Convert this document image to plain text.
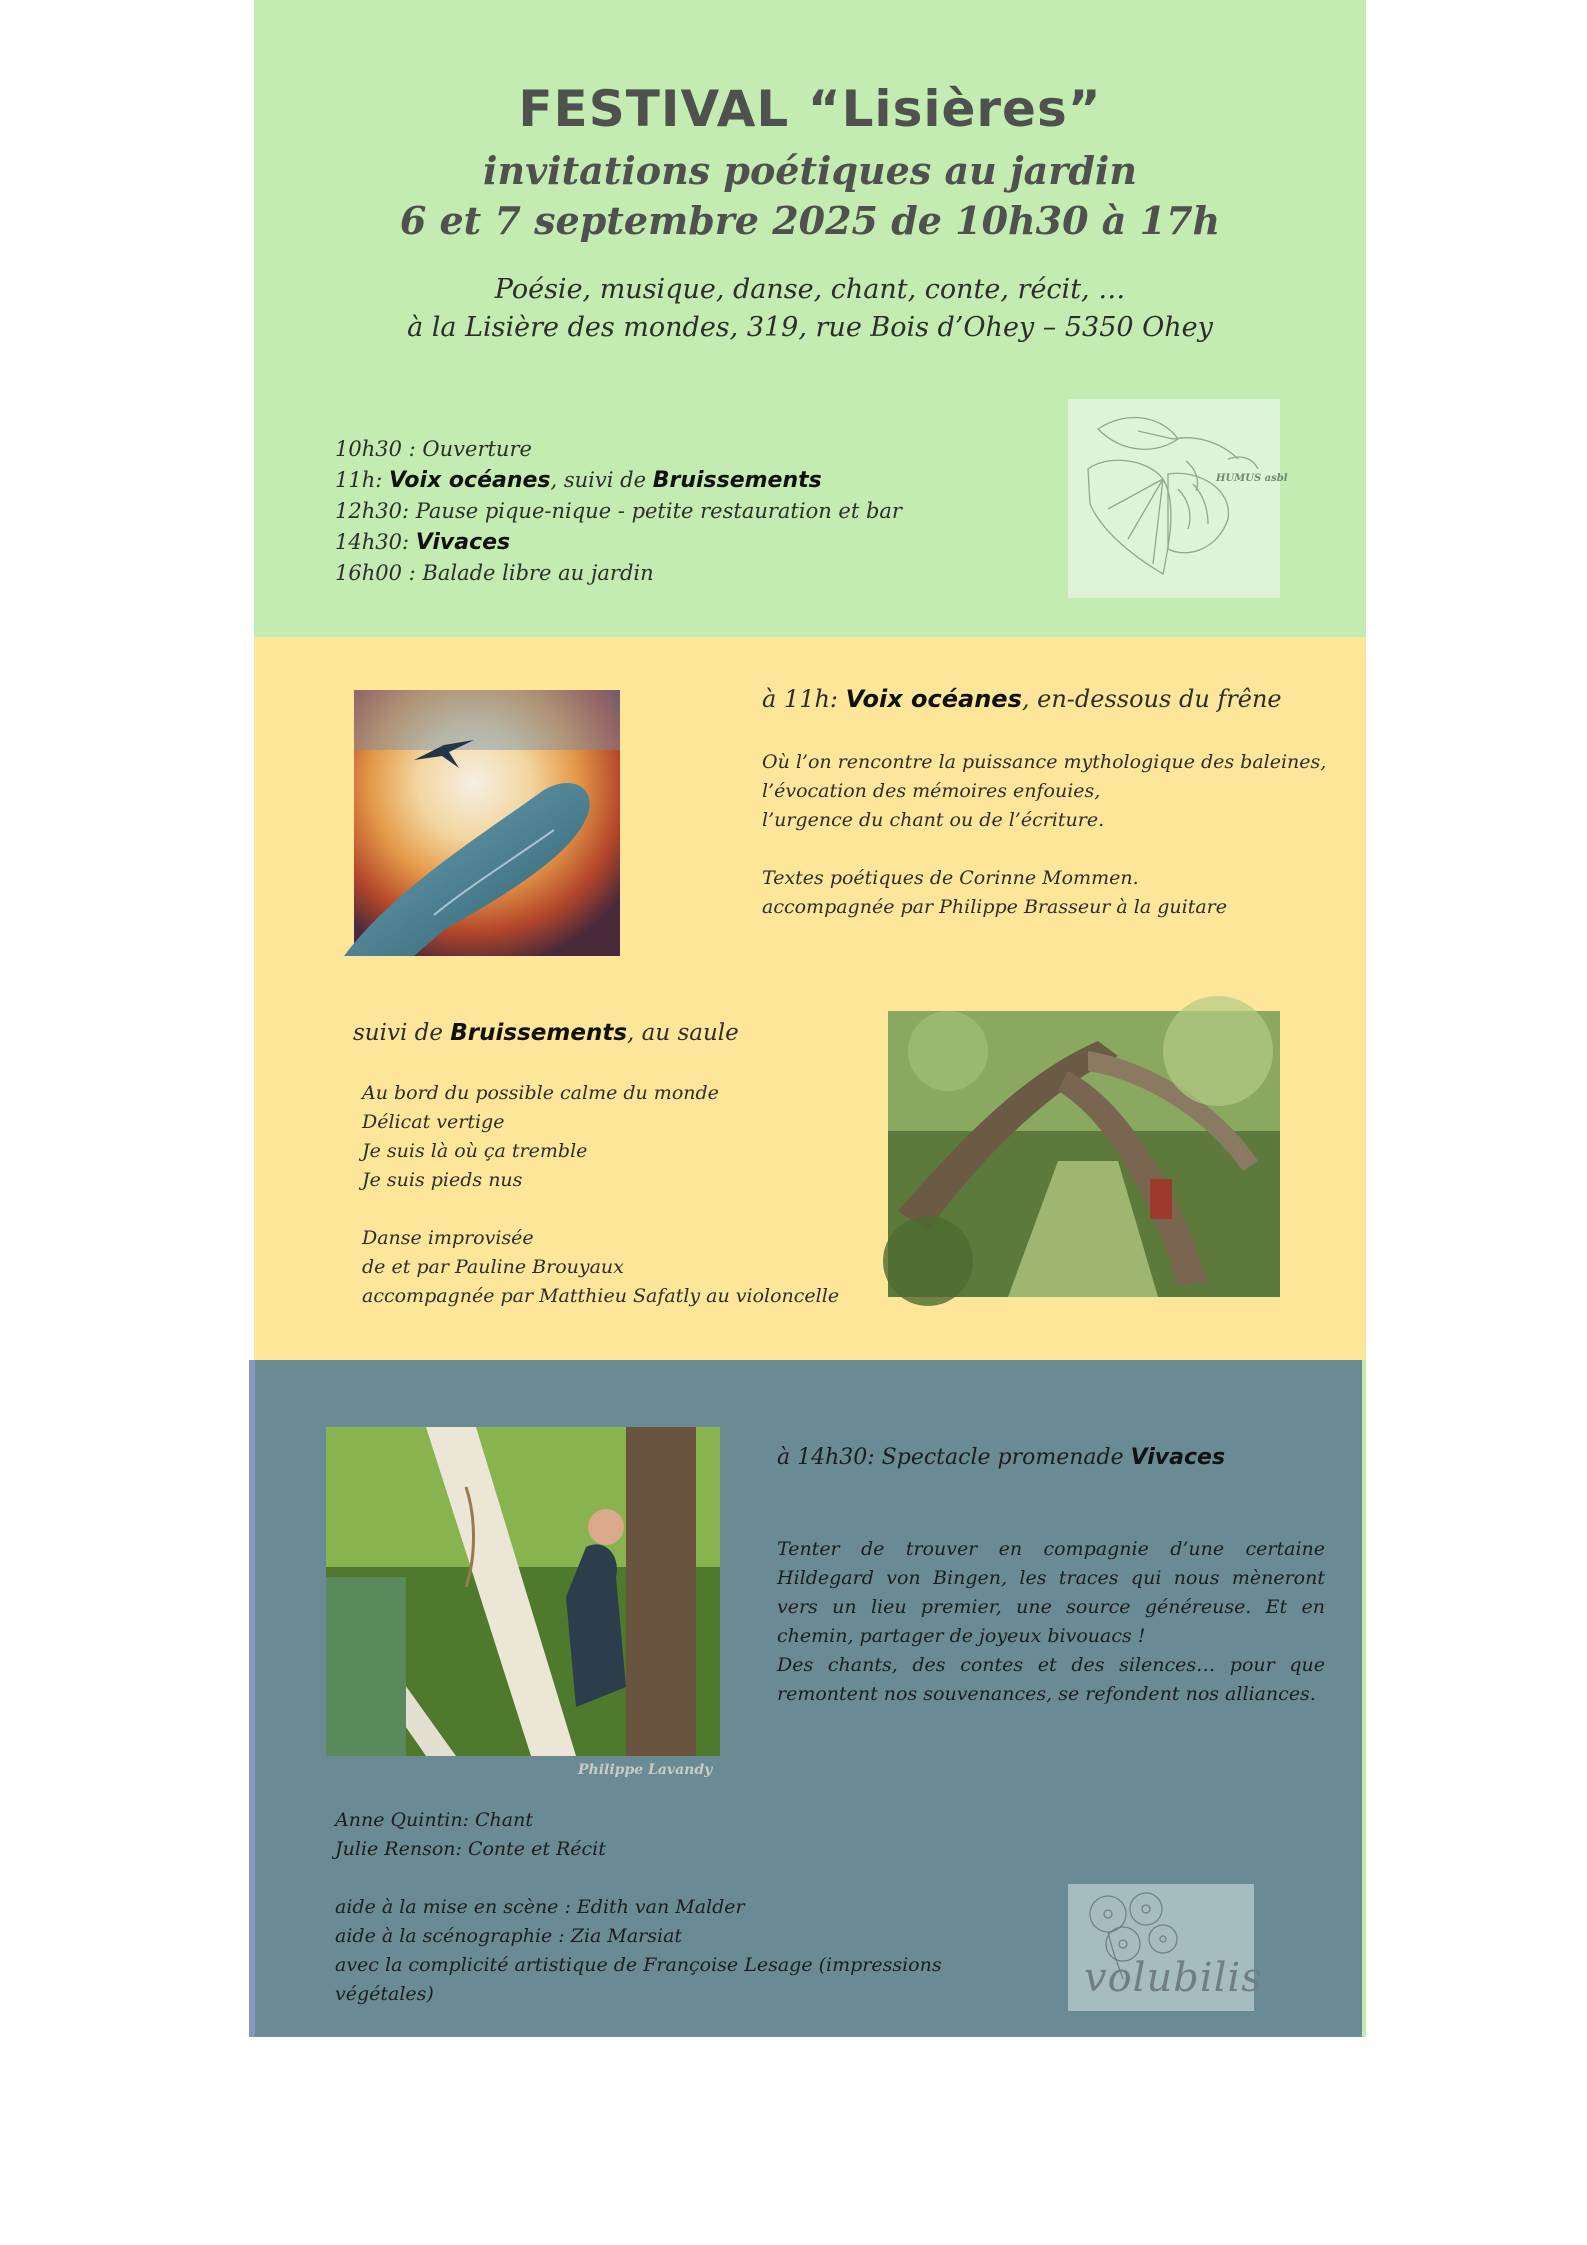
FESTIVAL “Lisières”
invitations poétiques au jardin
6 et 7 septembre 2025 de 10h30 à 17h
Poésie, musique, danse, chant, conte, récit, …
à la Lisière des mondes, 319, rue Bois d’Ohey – 5350 Ohey
10h30 : Ouverture
11h: Voix océanes, suivi de Bruissements
12h30: Pause pique-nique - petite restauration et bar
14h30: Vivaces
16h00 : Balade libre au jardin
HUMUS asbl
à 11h: Voix océanes, en-dessous du frêne
Où l’on rencontre la puissance mythologique des baleines,
l’évocation des mémoires enfouies,
l’urgence du chant ou de l’écriture.
Textes poétiques de Corinne Mommen.
accompagnée par Philippe Brasseur à la guitare
suivi de Bruissements, au saule
Au bord du possible calme du monde
Délicat vertige
Je suis là où ça tremble
Je suis pieds nus
Danse improvisée
de et par Pauline Brouyaux
accompagnée par Matthieu Safatly au violoncelle
Philippe Lavandy
à 14h30: Spectacle promenade Vivaces
Tenter de trouver en compagnie d’une certaine Hildegard von Bingen, les traces qui nous mèneront vers un lieu premier, une source généreuse. Et en chemin, partager de joyeux bivouacs !
Des chants, des contes et des silences… pour que remontent nos souvenances, se refondent nos alliances.
Anne Quintin: Chant
Julie Renson: Conte et Récit
aide à la mise en scène : Edith van Malder
aide à la scénographie : Zia Marsiat
avec la complicité artistique de Françoise Lesage (impressions végétales)	volubilis
